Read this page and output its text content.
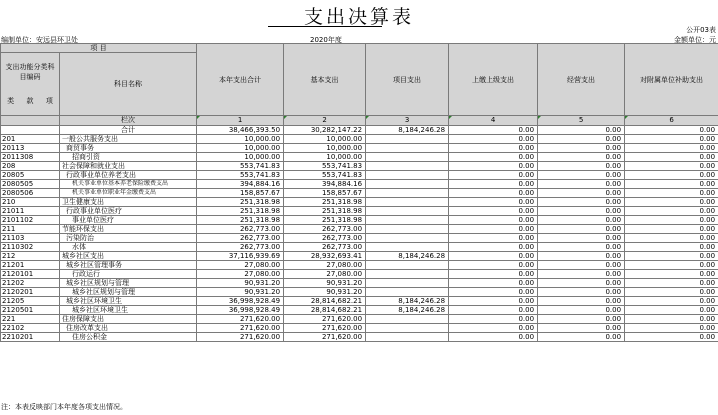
支出决算表
公开03表
编制单位：安远县环卫处	2020年度	金额单位：元
项 目		本年支出合计	基本支出	项目支出	上缴上级支出	经营支出	对附属单位补助支出

支出功能分类科目编码
类 款 项	科目名称						
	栏次	1	2	3	4	5	6
	合计	38,466,393.50	30,282,147.22	8,184,246.28	0.00	0.00	0.00
201	一般公共服务支出	10,000.00	10,000.00		0.00	0.00	0.00
20113	商贸事务	10,000.00	10,000.00		0.00	0.00	0.00
2011308	招商引资	10,000.00	10,000.00		0.00	0.00	0.00
208	社会保障和就业支出	553,741.83	553,741.83		0.00	0.00	0.00
20805	行政事业单位养老支出	553,741.83	553,741.83		0.00	0.00	0.00
2080505	机关事业单位基本养老保险缴费支出	394,884.16	394,884.16		0.00	0.00	0.00
2080506	机关事业单位职业年金缴费支出	158,857.67	158,857.67		0.00	0.00	0.00
210	卫生健康支出	251,318.98	251,318.98		0.00	0.00	0.00
21011	行政事业单位医疗	251,318.98	251,318.98		0.00	0.00	0.00
2101102	事业单位医疗	251,318.98	251,318.98		0.00	0.00	0.00
211	节能环保支出	262,773.00	262,773.00		0.00	0.00	0.00
21103	污染防治	262,773.00	262,773.00		0.00	0.00	0.00
2110302	水体	262,773.00	262,773.00		0.00	0.00	0.00
212	城乡社区支出	37,116,939.69	28,932,693.41	8,184,246.28	0.00	0.00	0.00
21201	城乡社区管理事务	27,080.00	27,080.00		0.00	0.00	0.00
2120101	行政运行	27,080.00	27,080.00		0.00	0.00	0.00
21202	城乡社区规划与管理	90,931.20	90,931.20		0.00	0.00	0.00
2120201	城乡社区规划与管理	90,931.20	90,931.20		0.00	0.00	0.00
21205	城乡社区环境卫生	36,998,928.49	28,814,682.21	8,184,246.28	0.00	0.00	0.00
2120501	城乡社区环境卫生	36,998,928.49	28,814,682.21	8,184,246.28	0.00	0.00	0.00
221	住房保障支出	271,620.00	271,620.00		0.00	0.00	0.00
22102	住房改革支出	271,620.00	271,620.00		0.00	0.00	0.00
2210201	住房公积金	271,620.00	271,620.00		0.00	0.00	0.00
注：本表反映部门本年度各项支出情况。
